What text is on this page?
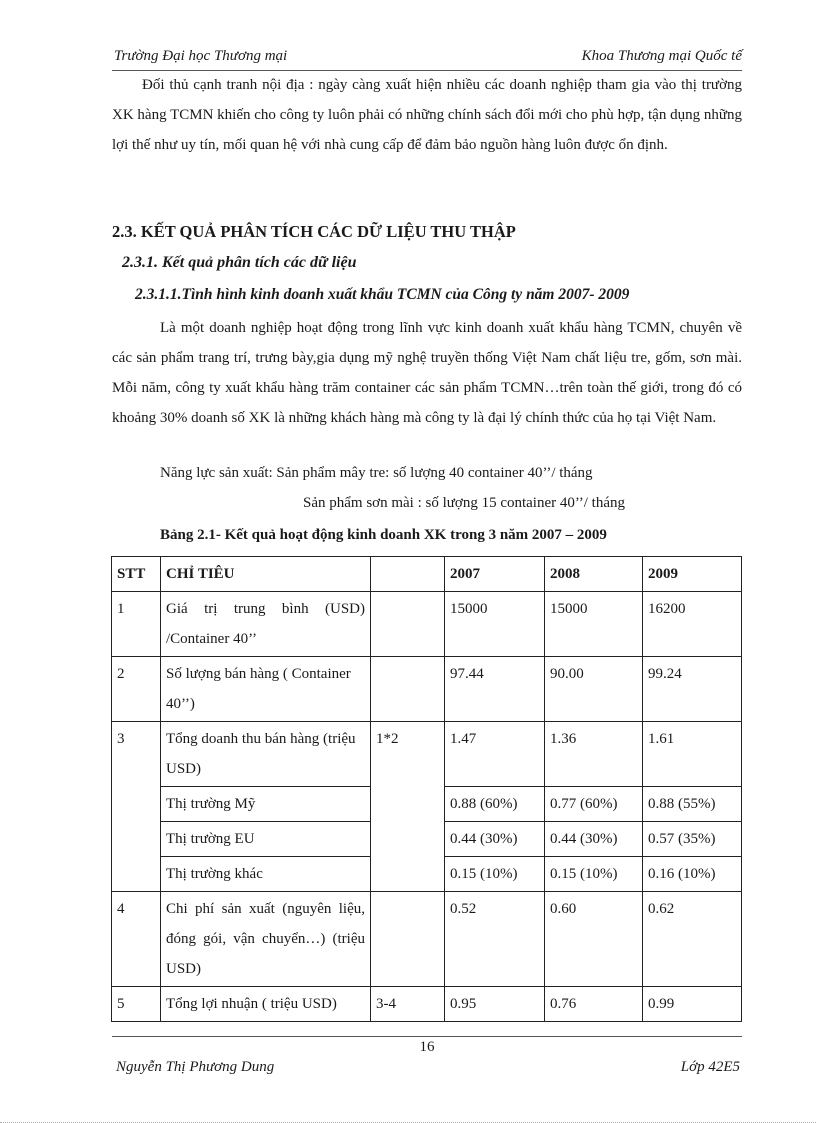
Trường Đại học Thương mại	Khoa Thương mại Quốc tế

Đối thủ cạnh tranh nội địa : ngày càng xuất hiện nhiều các doanh nghiệp tham gia vào thị trường XK hàng TCMN khiến cho công ty luôn phải có những chính sách đổi mới cho phù hợp, tận dụng những lợi thế như uy tín, mối quan hệ với nhà cung cấp để đảm bảo nguồn hàng luôn được ổn định.

2.3. KẾT QUẢ PHÂN TÍCH CÁC DỮ LIỆU THU THẬP
2.3.1. Kết quả phân tích các dữ liệu
2.3.1.1.Tình hình kinh doanh xuất khẩu TCMN của Công ty năm 2007- 2009

Là một doanh nghiệp hoạt động trong lĩnh vực kinh doanh xuất khẩu hàng TCMN, chuyên về các sản phẩm trang trí, trưng bày,gia dụng mỹ nghệ truyền thống Việt Nam chất liệu tre, gốm, sơn mài. Mỗi năm, công ty xuất khẩu hàng trăm container các sản phẩm TCMN…trên toàn thế giới, trong đó có khoảng 30% doanh số XK là những khách hàng mà công ty là đại lý chính thức của họ tại Việt Nam.

Năng lực sản xuất: Sản phẩm mây tre: số lượng 40 container 40’’/ tháng

Sản phẩm sơn mài : số lượng 15 container 40’’/ tháng

Bảng 2.1- Kết quả hoạt động kinh doanh XK trong 3 năm 2007 – 2009

STT	CHỈ TIÊU		2007	2008	2009
1	Giá trị trung bình (USD) /Container 40’’		15000	15000	16200
2	Số lượng bán hàng ( Container 40’’)		97.44	90.00	99.24
3	Tổng doanh thu bán hàng (triệu USD)	1*2	1.47	1.36	1.61
	Thị trường Mỹ		0.88 (60%)	0.77 (60%)	0.88 (55%)
	Thị trường EU		0.44 (30%)	0.44 (30%)	0.57 (35%)
	Thị trường khác		0.15 (10%)	0.15 (10%)	0.16 (10%)
4	Chi phí sản xuất (nguyên liệu, đóng gói, vận chuyển…) (triệu USD)		0.52	0.60	0.62
5	Tổng lợi nhuận ( triệu USD)	3-4	0.95	0.76	0.99
16
Nguyễn Thị Phương Dung	Lớp 42E5
